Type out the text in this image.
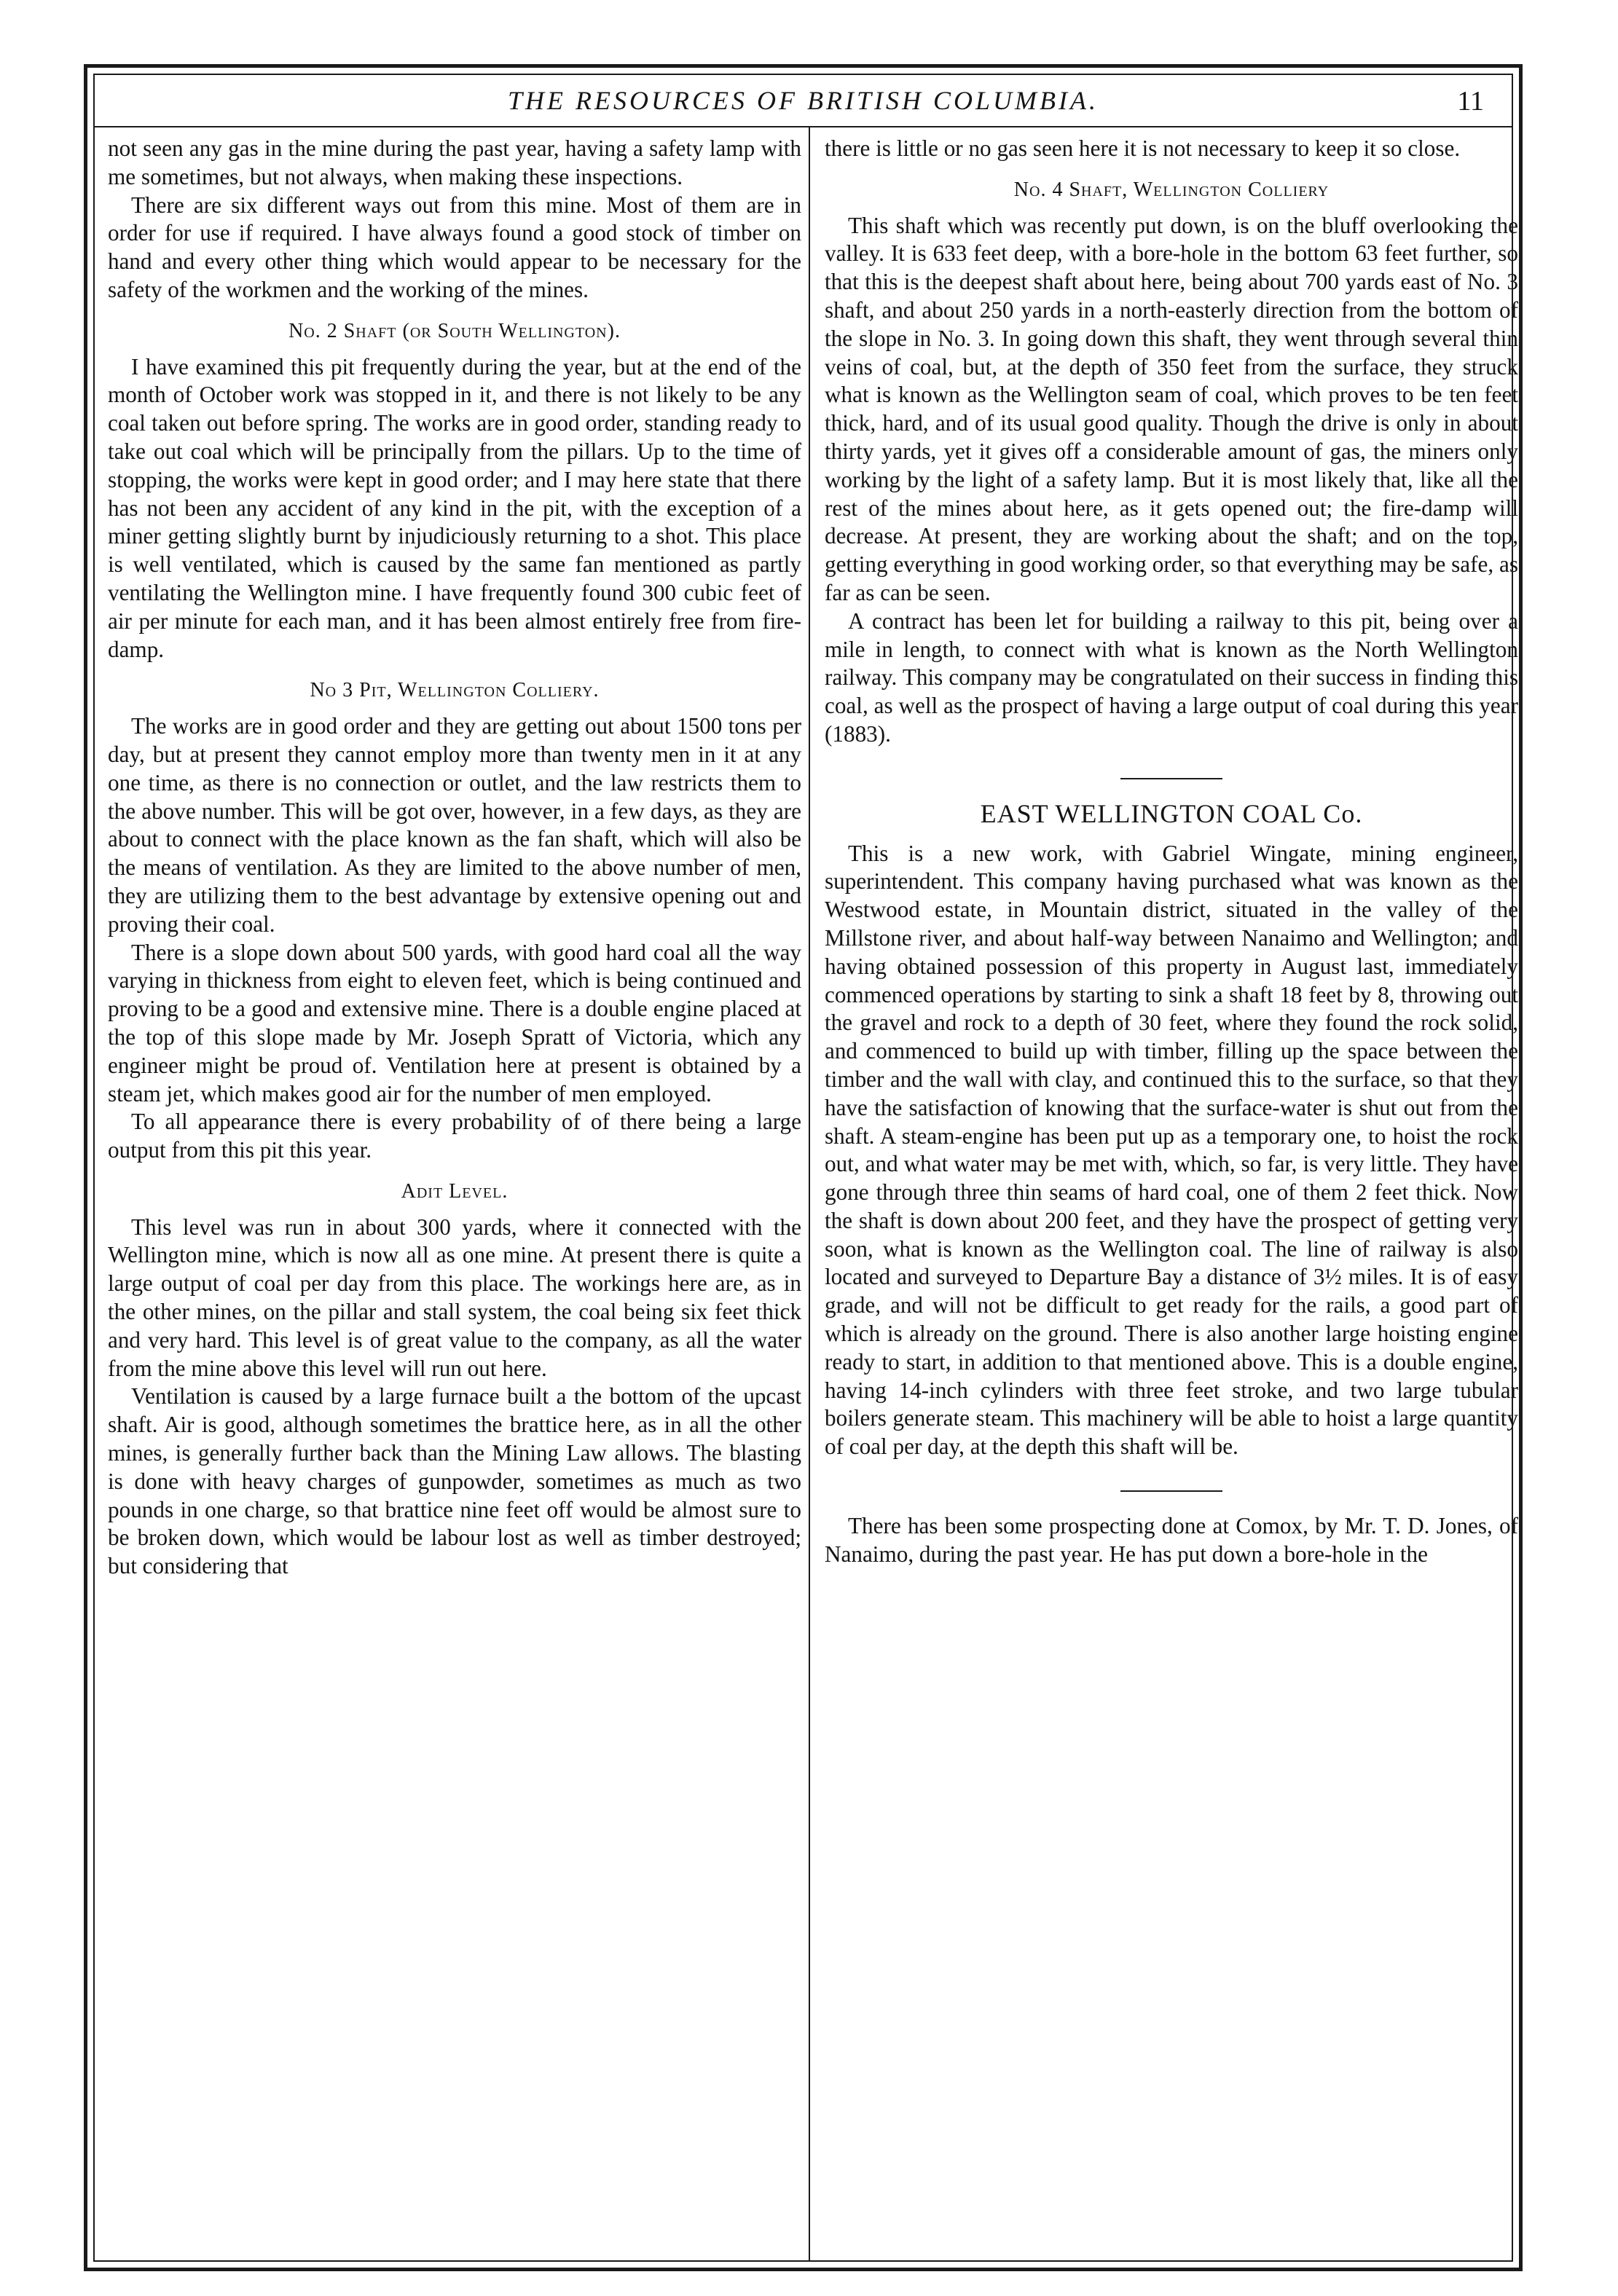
THE RESOURCES OF BRITISH COLUMBIA.	11

not seen any gas in the mine during the past year, having a safety lamp with me sometimes, but not always, when making these inspections.

There are six different ways out from this mine. Most of them are in order for use if required. I have always found a good stock of timber on hand and every other thing which would appear to be necessary for the safety of the workmen and the working of the mines.

No. 2 Shaft (or South Wellington).

I have examined this pit frequently during the year, but at the end of the month of October work was stopped in it, and there is not likely to be any coal taken out before spring. The works are in good order, standing ready to take out coal which will be principally from the pillars. Up to the time of stopping, the works were kept in good order; and I may here state that there has not been any accident of any kind in the pit, with the exception of a miner getting slightly burnt by injudiciously returning to a shot. This place is well ventilated, which is caused by the same fan mentioned as partly ventilating the Wellington mine. I have frequently found 300 cubic feet of air per minute for each man, and it has been almost entirely free from fire-damp.

No 3 Pit, Wellington Colliery.

The works are in good order and they are getting out about 1500 tons per day, but at present they cannot employ more than twenty men in it at any one time, as there is no connection or outlet, and the law restricts them to the above number. This will be got over, however, in a few days, as they are about to connect with the place known as the fan shaft, which will also be the means of ventilation. As they are limited to the above number of men, they are utilizing them to the best advantage by extensive opening out and proving their coal.

There is a slope down about 500 yards, with good hard coal all the way varying in thickness from eight to eleven feet, which is being continued and proving to be a good and extensive mine. There is a double engine placed at the top of this slope made by Mr. Joseph Spratt of Victoria, which any engineer might be proud of. Ventilation here at present is obtained by a steam jet, which makes good air for the number of men employed.

To all appearance there is every probability of of there being a large output from this pit this year.

Adit Level.

This level was run in about 300 yards, where it connected with the Wellington mine, which is now all as one mine. At present there is quite a large output of coal per day from this place. The workings here are, as in the other mines, on the pillar and stall system, the coal being six feet thick and very hard. This level is of great value to the company, as all the water from the mine above this level will run out here.

Ventilation is caused by a large furnace built a the bottom of the upcast shaft. Air is good, although sometimes the brattice here, as in all the other mines, is generally further back than the Mining Law allows. The blasting is done with heavy charges of gunpowder, sometimes as much as two pounds in one charge, so that brattice nine feet off would be almost sure to be broken down, which would be labour lost as well as timber destroyed; but considering that

there is little or no gas seen here it is not necessary to keep it so close.

No. 4 Shaft, Wellington Colliery

This shaft which was recently put down, is on the bluff overlooking the valley. It is 633 feet deep, with a bore-hole in the bottom 63 feet further, so that this is the deepest shaft about here, being about 700 yards east of No. 3 shaft, and about 250 yards in a north-easterly direction from the bottom of the slope in No. 3. In going down this shaft, they went through several thin veins of coal, but, at the depth of 350 feet from the surface, they struck what is known as the Wellington seam of coal, which proves to be ten feet thick, hard, and of its usual good quality. Though the drive is only in about thirty yards, yet it gives off a considerable amount of gas, the miners only working by the light of a safety lamp. But it is most likely that, like all the rest of the mines about here, as it gets opened out; the fire-damp will decrease. At present, they are working about the shaft; and on the top, getting everything in good working order, so that everything may be safe, as far as can be seen.

A contract has been let for building a railway to this pit, being over a mile in length, to connect with what is known as the North Wellington railway. This company may be congratulated on their success in finding this coal, as well as the prospect of having a large output of coal during this year (1883).

EAST WELLINGTON COAL Co.

This is a new work, with Gabriel Wingate, mining engineer, superintendent. This company having purchased what was known as the Westwood estate, in Mountain district, situated in the valley of the Millstone river, and about half-way between Nanaimo and Wellington; and having obtained possession of this property in August last, immediately commenced operations by starting to sink a shaft 18 feet by 8, throwing out the gravel and rock to a depth of 30 feet, where they found the rock solid, and commenced to build up with timber, filling up the space between the timber and the wall with clay, and continued this to the surface, so that they have the satisfaction of knowing that the surface-water is shut out from the shaft. A steam-engine has been put up as a temporary one, to hoist the rock out, and what water may be met with, which, so far, is very little. They have gone through three thin seams of hard coal, one of them 2 feet thick. Now the shaft is down about 200 feet, and they have the prospect of getting very soon, what is known as the Wellington coal. The line of railway is also located and surveyed to Departure Bay a distance of 3½ miles. It is of easy grade, and will not be difficult to get ready for the rails, a good part of which is already on the ground. There is also another large hoisting engine ready to start, in addition to that mentioned above. This is a double engine, having 14-inch cylinders with three feet stroke, and two large tubular boilers generate steam. This machinery will be able to hoist a large quantity of coal per day, at the depth this shaft will be.

There has been some prospecting done at Comox, by Mr. T. D. Jones, of Nanaimo, during the past year. He has put down a bore-hole in the
